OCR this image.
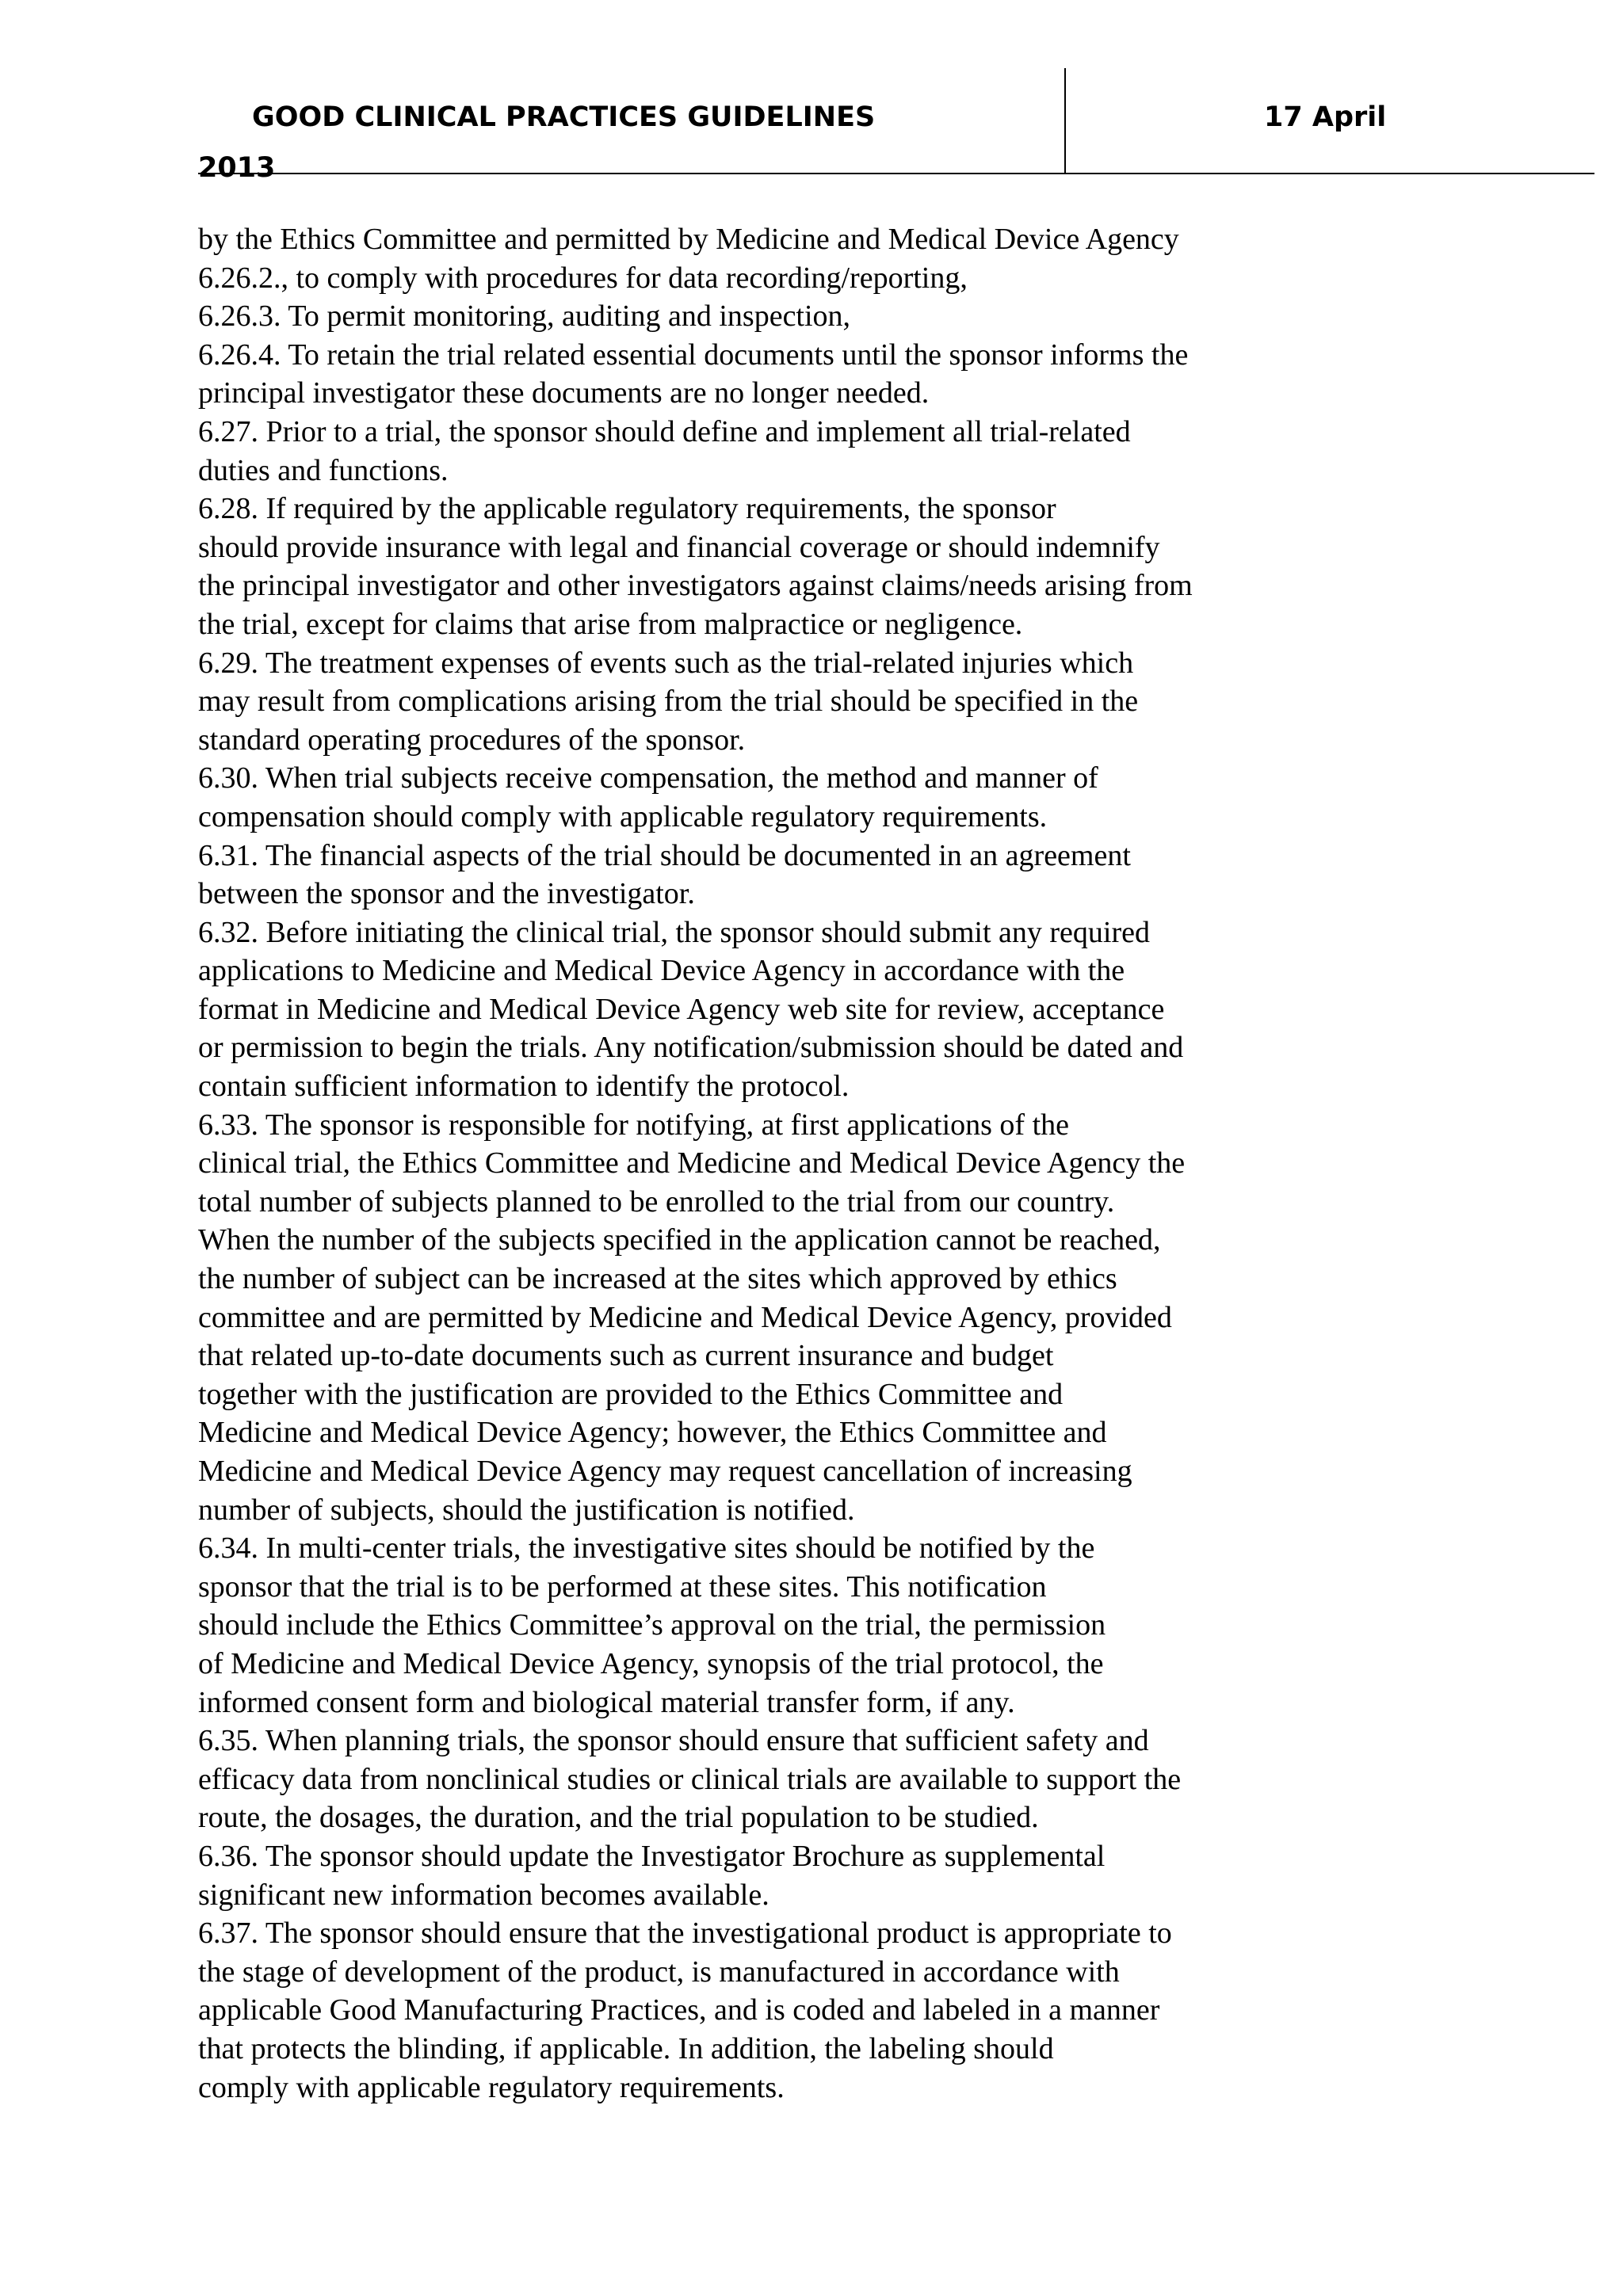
GOOD CLINICAL PRACTICES GUIDELINES	17 April
2013
by the Ethics Committee and permitted by Medicine and Medical Device Agency
6.26.2., to comply with procedures for data recording/reporting,
6.26.3. To permit monitoring, auditing and inspection,
6.26.4. To retain the trial related essential documents until the sponsor informs the
principal investigator these documents are no longer needed.
6.27. Prior to a trial, the sponsor should define and implement all trial-related
duties and functions.
6.28. If required by the applicable regulatory requirements, the sponsor
should provide insurance with legal and financial coverage or should indemnify
the principal investigator and other investigators against claims/needs arising from
the trial, except for claims that arise from malpractice or negligence.
6.29. The treatment expenses of events such as the trial-related injuries which
may result from complications arising from the trial should be specified in the
standard operating procedures of the sponsor.
6.30. When trial subjects receive compensation, the method and manner of
compensation should comply with applicable regulatory requirements.
6.31. The financial aspects of the trial should be documented in an agreement
between the sponsor and the investigator.
6.32. Before initiating the clinical trial, the sponsor should submit any required
applications to Medicine and Medical Device Agency in accordance with the
format in Medicine and Medical Device Agency web site for review, acceptance
or permission to begin the trials. Any notification/submission should be dated and
contain sufficient information to identify the protocol.
6.33. The sponsor is responsible for notifying, at first applications of the
clinical trial, the Ethics Committee and Medicine and Medical Device Agency the
total number of subjects planned to be enrolled to the trial from our country.
When the number of the subjects specified in the application cannot be reached,
the number of subject can be increased at the sites which approved by ethics
committee and are permitted by Medicine and Medical Device Agency, provided
that related up-to-date documents such as current insurance and budget
together with the justification are provided to the Ethics Committee and
Medicine and Medical Device Agency; however, the Ethics Committee and
Medicine and Medical Device Agency may request cancellation of increasing
number of subjects, should the justification is notified.
6.34. In multi-center trials, the investigative sites should be notified by the
sponsor that the trial is to be performed at these sites. This notification
should include the Ethics Committee’s approval on the trial, the permission
of Medicine and Medical Device Agency, synopsis of the trial protocol, the
informed consent form and biological material transfer form, if any.
6.35. When planning trials, the sponsor should ensure that sufficient safety and
efficacy data from nonclinical studies or clinical trials are available to support the
route, the dosages, the duration, and the trial population to be studied.
6.36. The sponsor should update the Investigator Brochure as supplemental
significant new information becomes available.
6.37. The sponsor should ensure that the investigational product is appropriate to
the stage of development of the product, is manufactured in accordance with
applicable Good Manufacturing Practices, and is coded and labeled in a manner
that protects the blinding, if applicable. In addition, the labeling should
comply with applicable regulatory requirements.
